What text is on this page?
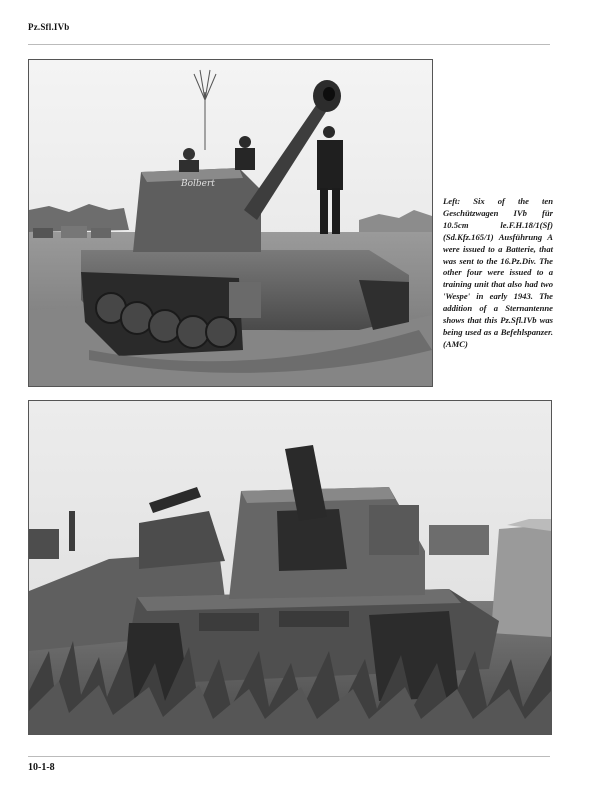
Pz.Sfl.IVb
Bolbert
Left: Six of the ten Geschützwagen IVb für 10.5cm le.F.H.18/1(Sf) (Sd.Kfz.165/1) Ausführung A were issued to a Batterie, that was sent to the 16.Pz.Div. The other four were issued to a training unit that also had two 'Wespe' in early 1943. The addition of a Sternantenne shows that this Pz.Sfl.IVb was being used as a Befehlspanzer. (AMC)
10-1-8
